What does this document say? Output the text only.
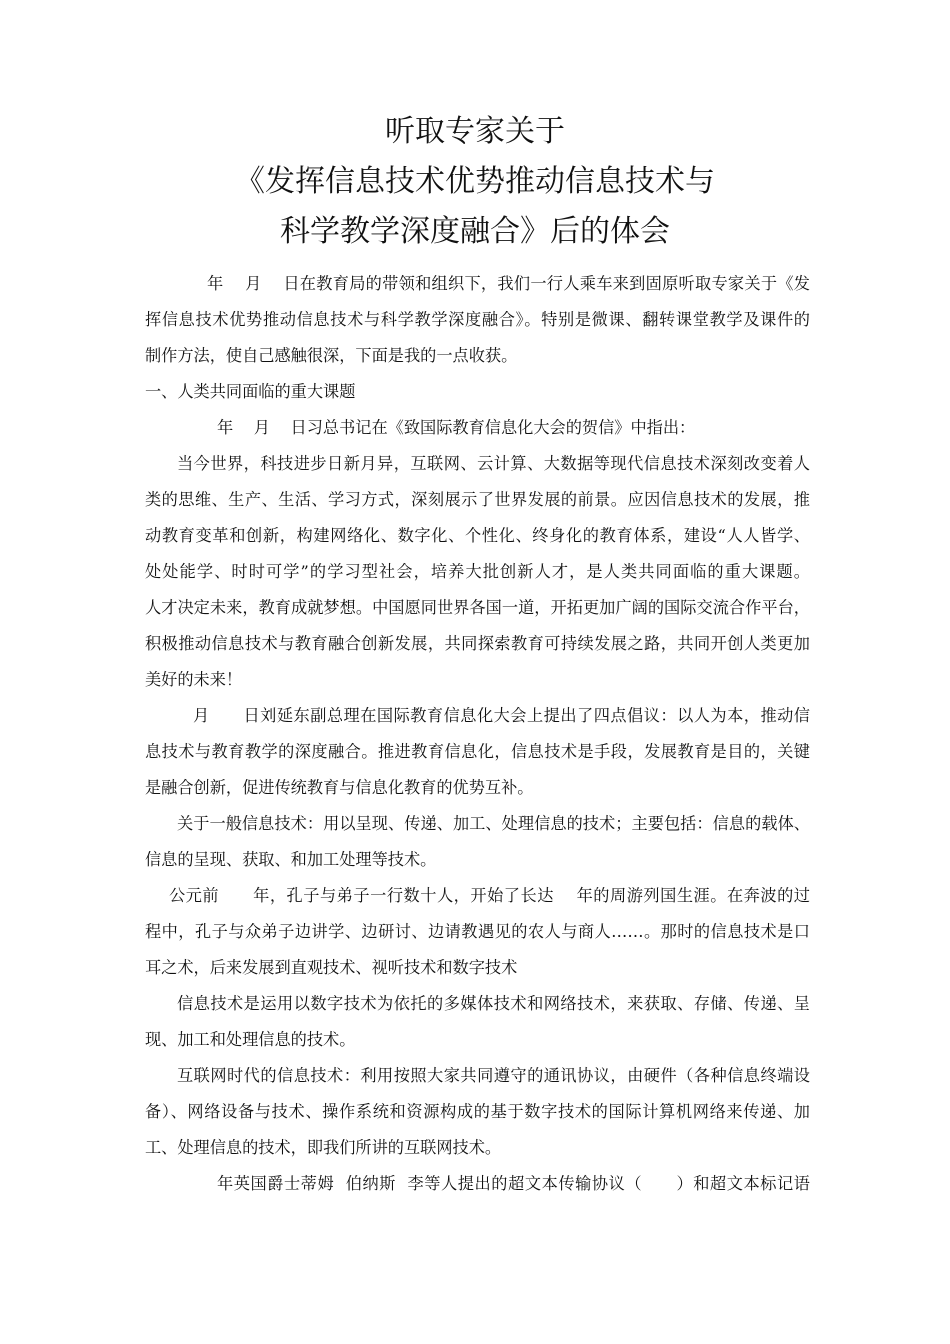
听取专家关于
《发挥信息技术优势推动信息技术与
科学教学深度融合》后的体会
年    月    日在教育局的带领和组织下，我们一行人乘车来到固原听取专家关于《发
挥信息技术优势推动信息技术与科学教学深度融合》。特别是微课、翻转课堂教学及课件的
制作方法，使自己感触很深，下面是我的一点收获。
一、人类共同面临的重大课题
年    月    日习总书记在《致国际教育信息化大会的贺信》中指出：
当今世界，科技进步日新月异，互联网、云计算、大数据等现代信息技术深刻改变着人
类的思维、生产、生活、学习方式，深刻展示了世界发展的前景。应因信息技术的发展，推
动教育变革和创新，构建网络化、数字化、个性化、终身化的教育体系，建设“人人皆学、
处处能学、时时可学”的学习型社会，培养大批创新人才，是人类共同面临的重大课题。
人才决定未来，教育成就梦想。中国愿同世界各国一道，开拓更加广阔的国际交流合作平台，
积极推动信息技术与教育融合创新发展，共同探索教育可持续发展之路，共同开创人类更加
美好的未来！
月      日刘延东副总理在国际教育信息化大会上提出了四点倡议：以人为本，推动信
息技术与教育教学的深度融合。推进教育信息化，信息技术是手段，发展教育是目的，关键
是融合创新，促进传统教育与信息化教育的优势互补。
关于一般信息技术：用以呈现、传递、加工、处理信息的技术；主要包括：信息的载体、
信息的呈现、获取、和加工处理等技术。
公元前      年，孔子与弟子一行数十人，开始了长达    年的周游列国生涯。在奔波的过
程中，孔子与众弟子边讲学、边研讨、边请教遇见的农人与商人……。那时的信息技术是口
耳之术，后来发展到直观技术、视听技术和数字技术
信息技术是运用以数字技术为依托的多媒体技术和网络技术，来获取、存储、传递、呈
现、加工和处理信息的技术。
互联网时代的信息技术：利用按照大家共同遵守的通讯协议，由硬件（各种信息终端设
备）、网络设备与技术、操作系统和资源构成的基于数字技术的国际计算机网络来传递、加
工、处理信息的技术，即我们所讲的互联网技术。
年英国爵士蒂姆  伯纳斯  李等人提出的超文本传输协议（      ）和超文本标记语
